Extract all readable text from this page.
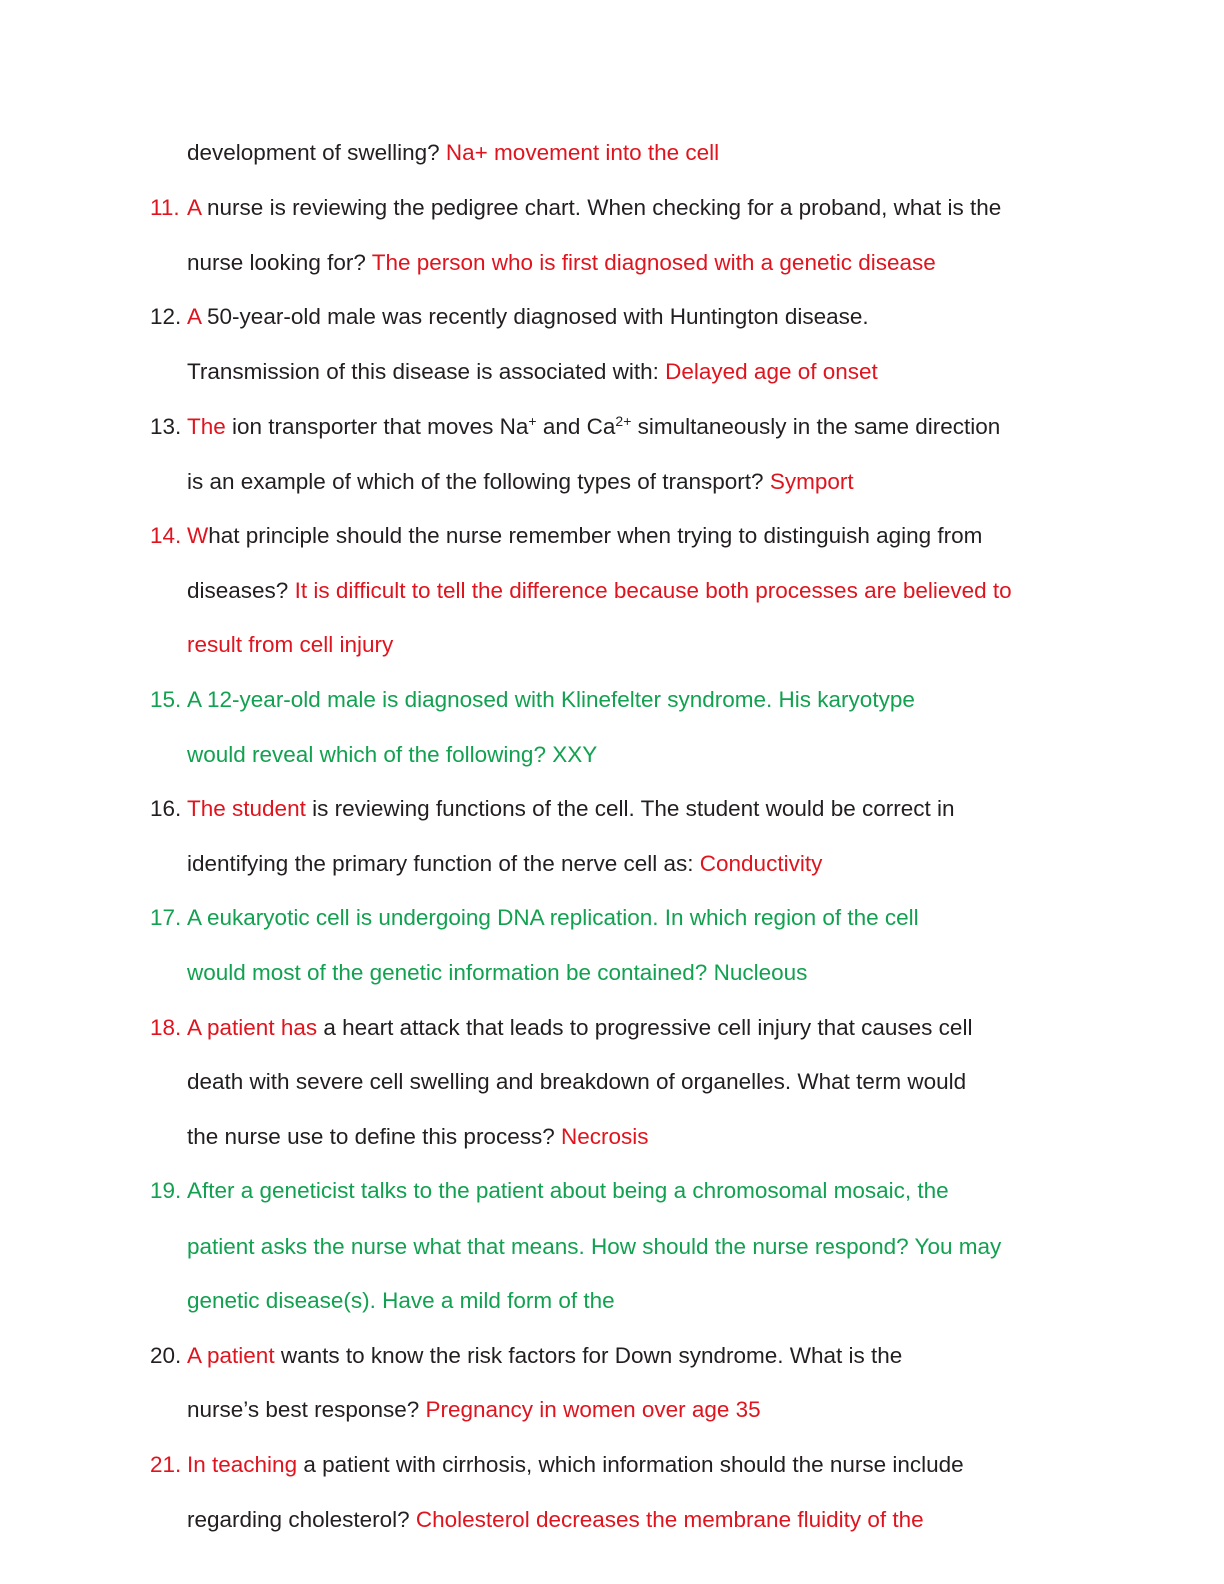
development of swelling? Na+ movement into the cell
11. A nurse is reviewing the pedigree chart. When checking for a proband, what is the
nurse looking for? The person who is first diagnosed with a genetic disease
12. A 50-year-old male was recently diagnosed with Huntington disease.
Transmission of this disease is associated with: Delayed age of onset
13. The ion transporter that moves Na+ and $Ca^{2+}$ simultaneously in the same direction
is an example of which of the following types of transport? Symport
14. What principle should the nurse remember when trying to distinguish aging from
diseases? It is difficult to tell the difference because both processes are believed to
result from cell injury
15. A 12-year-old male is diagnosed with Klinefelter syndrome. His karyotype
would reveal which of the following? XXY
16. The student is reviewing functions of the cell. The student would be correct in
identifying the primary function of the nerve cell as: Conductivity
17. A eukaryotic cell is undergoing DNA replication. In which region of the cell
would most of the genetic information be contained? Nucleous
18. A patient has a heart attack that leads to progressive cell injury that causes cell
death with severe cell swelling and breakdown of organelles. What term would
the nurse use to define this process? Necrosis
19. After a geneticist talks to the patient about being a chromosomal mosaic, the
patient asks the nurse what that means. How should the nurse respond? You may
genetic disease(s). Have a mild form of the
20. A patient wants to know the risk factors for Down syndrome. What is the
nurse’s best response? Pregnancy in women over age 35
21. In teaching a patient with cirrhosis, which information should the nurse include
regarding cholesterol? Cholesterol decreases the membrane fluidity of the
